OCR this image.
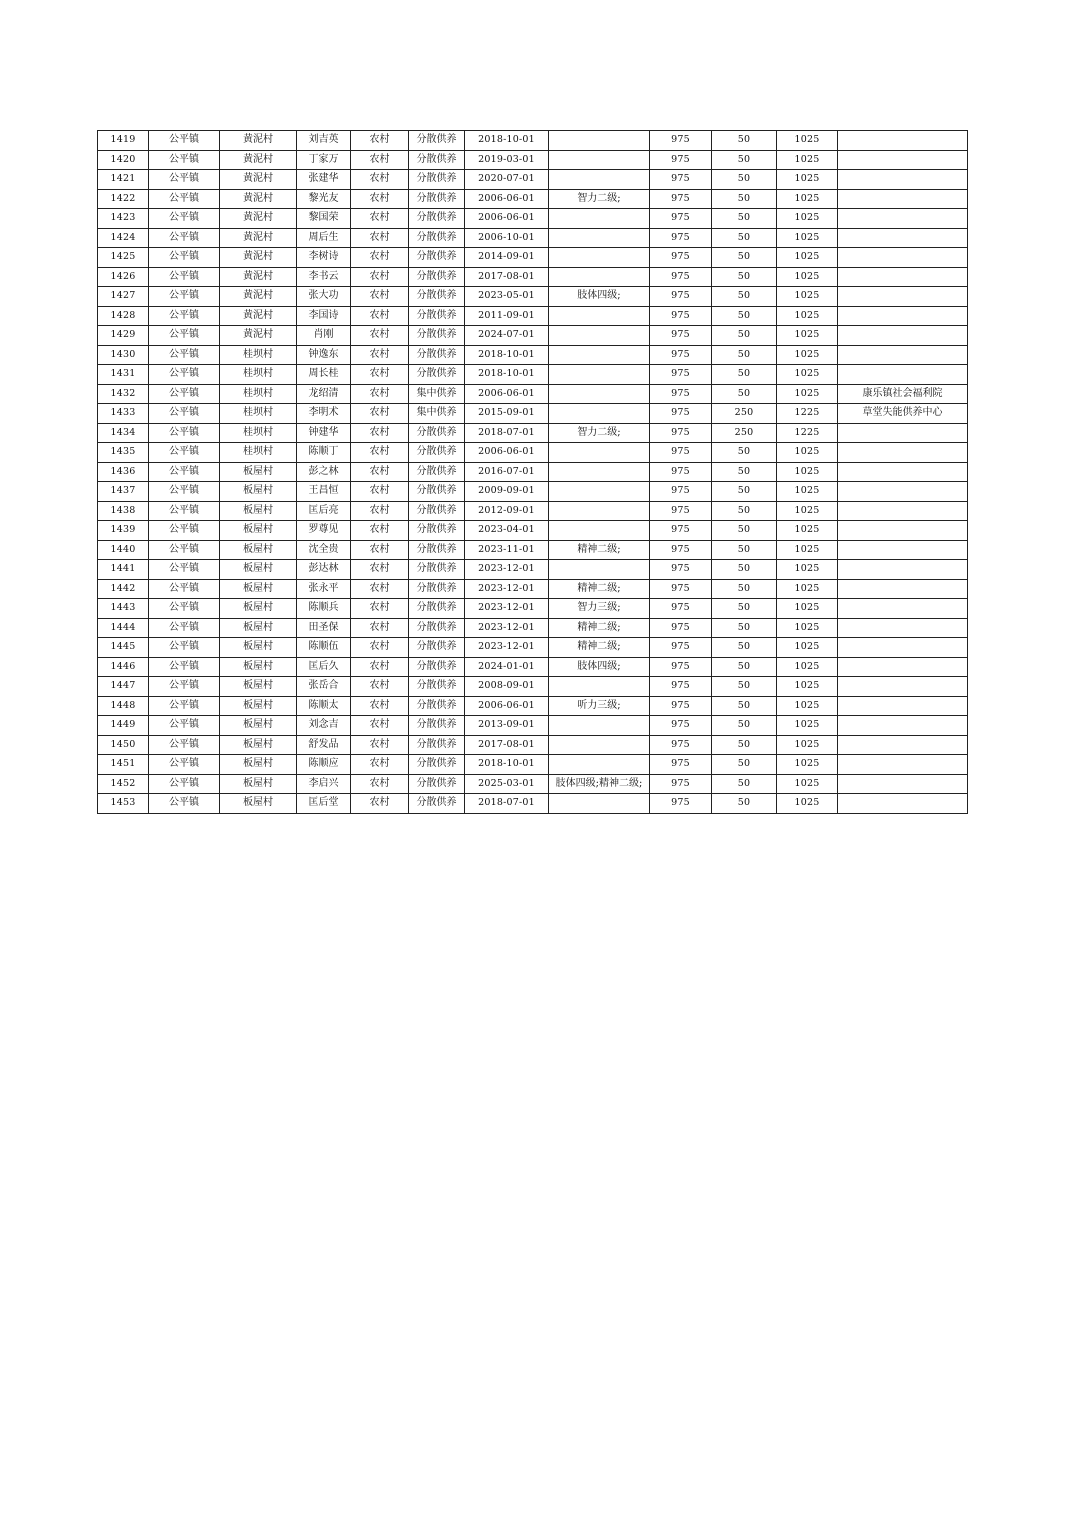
1419	公平镇	黄泥村	刘吉英	农村	分散供养	2018-10-01		975	50	1025	
1420	公平镇	黄泥村	丁家万	农村	分散供养	2019-03-01		975	50	1025	
1421	公平镇	黄泥村	张建华	农村	分散供养	2020-07-01		975	50	1025	
1422	公平镇	黄泥村	黎光友	农村	分散供养	2006-06-01	智力二级;	975	50	1025	
1423	公平镇	黄泥村	黎国荣	农村	分散供养	2006-06-01		975	50	1025	
1424	公平镇	黄泥村	周后生	农村	分散供养	2006-10-01		975	50	1025	
1425	公平镇	黄泥村	李树诗	农村	分散供养	2014-09-01		975	50	1025	
1426	公平镇	黄泥村	李书云	农村	分散供养	2017-08-01		975	50	1025	
1427	公平镇	黄泥村	张大功	农村	分散供养	2023-05-01	肢体四级;	975	50	1025	
1428	公平镇	黄泥村	李国诗	农村	分散供养	2011-09-01		975	50	1025	
1429	公平镇	黄泥村	肖刚	农村	分散供养	2024-07-01		975	50	1025	
1430	公平镇	桂坝村	钟逸东	农村	分散供养	2018-10-01		975	50	1025	
1431	公平镇	桂坝村	周长桂	农村	分散供养	2018-10-01		975	50	1025	
1432	公平镇	桂坝村	龙绍清	农村	集中供养	2006-06-01		975	50	1025	康乐镇社会福利院
1433	公平镇	桂坝村	李明术	农村	集中供养	2015-09-01		975	250	1225	草堂失能供养中心
1434	公平镇	桂坝村	钟建华	农村	分散供养	2018-07-01	智力二级;	975	250	1225	
1435	公平镇	桂坝村	陈顺丁	农村	分散供养	2006-06-01		975	50	1025	
1436	公平镇	板屋村	彭之林	农村	分散供养	2016-07-01		975	50	1025	
1437	公平镇	板屋村	王昌恒	农村	分散供养	2009-09-01		975	50	1025	
1438	公平镇	板屋村	匡后亮	农村	分散供养	2012-09-01		975	50	1025	
1439	公平镇	板屋村	罗尊见	农村	分散供养	2023-04-01		975	50	1025	
1440	公平镇	板屋村	沈全贵	农村	分散供养	2023-11-01	精神二级;	975	50	1025	
1441	公平镇	板屋村	彭达林	农村	分散供养	2023-12-01		975	50	1025	
1442	公平镇	板屋村	张永平	农村	分散供养	2023-12-01	精神二级;	975	50	1025	
1443	公平镇	板屋村	陈顺兵	农村	分散供养	2023-12-01	智力三级;	975	50	1025	
1444	公平镇	板屋村	田圣保	农村	分散供养	2023-12-01	精神二级;	975	50	1025	
1445	公平镇	板屋村	陈顺伍	农村	分散供养	2023-12-01	精神二级;	975	50	1025	
1446	公平镇	板屋村	匡后久	农村	分散供养	2024-01-01	肢体四级;	975	50	1025	
1447	公平镇	板屋村	张岳合	农村	分散供养	2008-09-01		975	50	1025	
1448	公平镇	板屋村	陈顺太	农村	分散供养	2006-06-01	听力三级;	975	50	1025	
1449	公平镇	板屋村	刘念吉	农村	分散供养	2013-09-01		975	50	1025	
1450	公平镇	板屋村	舒发品	农村	分散供养	2017-08-01		975	50	1025	
1451	公平镇	板屋村	陈顺应	农村	分散供养	2018-10-01		975	50	1025	
1452	公平镇	板屋村	李启兴	农村	分散供养	2025-03-01	肢体四级;精神二级;	975	50	1025	
1453	公平镇	板屋村	匡后堂	农村	分散供养	2018-07-01		975	50	1025	
